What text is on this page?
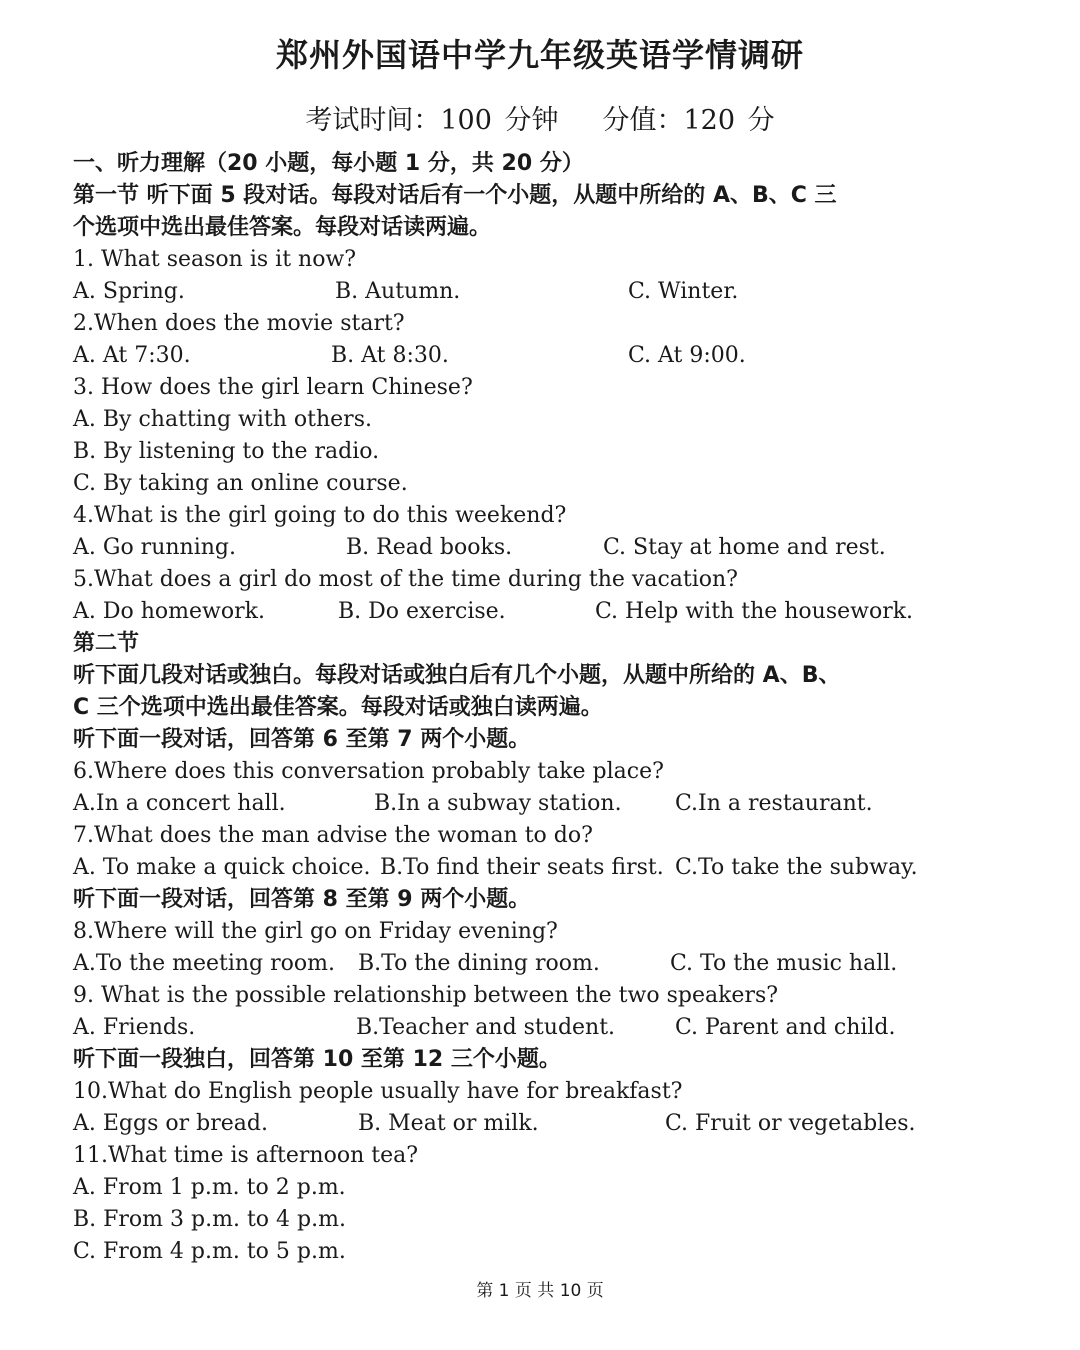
郑州外国语中学九年级英语学情调研
考试时间：100 分钟 分值：120 分
一、听力理解（20 小题，每小题 1 分，共 20 分）
第一节 听下面 5 段对话。每段对话后有一个小题，从题中所给的 A、B、C 三
个选项中选出最佳答案。每段对话读两遍。
1. What season is it now?
A. Spring.	B. Autumn.	C. Winter.
2.When does the movie start?
A. At 7:30.	B. At 8:30.	C. At 9:00.
3. How does the girl learn Chinese?
A. By chatting with others.
B. By listening to the radio.
C. By taking an online course.
4.What is the girl going to do this weekend?
A. Go running.	B. Read books.	C. Stay at home and rest.
5.What does a girl do most of the time during the vacation?
A. Do homework.	B. Do exercise.	C. Help with the housework.
第二节
听下面几段对话或独白。每段对话或独白后有几个小题，从题中所给的 A、B、
C 三个选项中选出最佳答案。每段对话或独白读两遍。
听下面一段对话，回答第 6 至第 7 两个小题。
6.Where does this conversation probably take place?
A.In a concert hall.	B.In a subway station. C.In a restaurant.
7.What does the man advise the woman to do?
A. To make a quick choice. B.To find their seats first. C.To take the subway.
听下面一段对话，回答第 8 至第 9 两个小题。
8.Where will the girl go on Friday evening?
A.To the meeting room. B.To the dining room.	C. To the music hall.
9. What is the possible relationship between the two speakers?
A. Friends.	B.Teacher and student.	C. Parent and child.
听下面一段独白，回答第 10 至第 12 三个小题。
10.What do English people usually have for breakfast?
A. Eggs or bread.	B. Meat or milk.	C. Fruit or vegetables.
11.What time is afternoon tea?
A. From 1 p.m. to 2 p.m.
B. From 3 p.m. to 4 p.m.
C. From 4 p.m. to 5 p.m.
第 1 页 共 10 页
